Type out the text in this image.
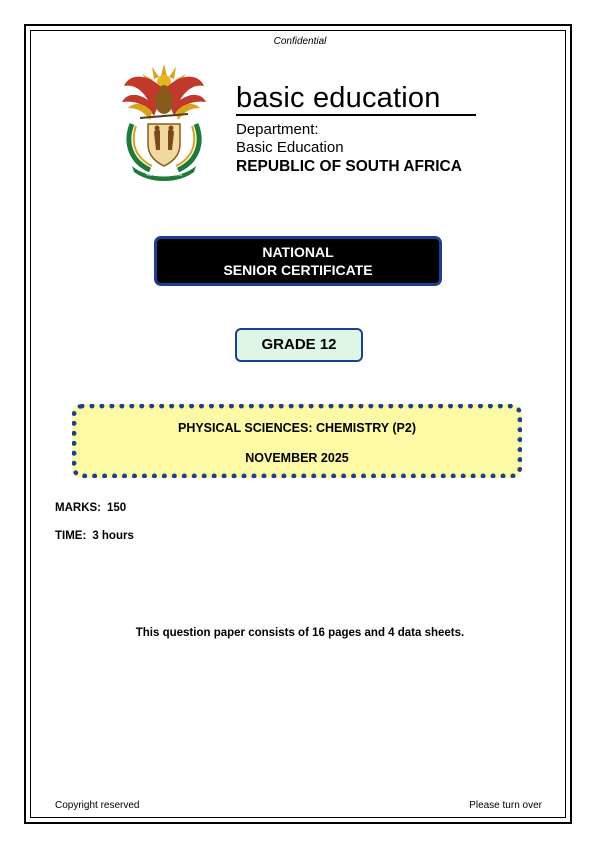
Confidential
!KE E: /XARRA //KE
basic education
Department:
Basic Education
REPUBLIC OF SOUTH AFRICA
NATIONAL
SENIOR CERTIFICATE
GRADE 12
PHYSICAL SCIENCES: CHEMISTRY (P2)
NOVEMBER 2025
MARKS: 150
TIME: 3 hours
This question paper consists of 16 pages and 4 data sheets.
Copyright reserved	Please turn over
